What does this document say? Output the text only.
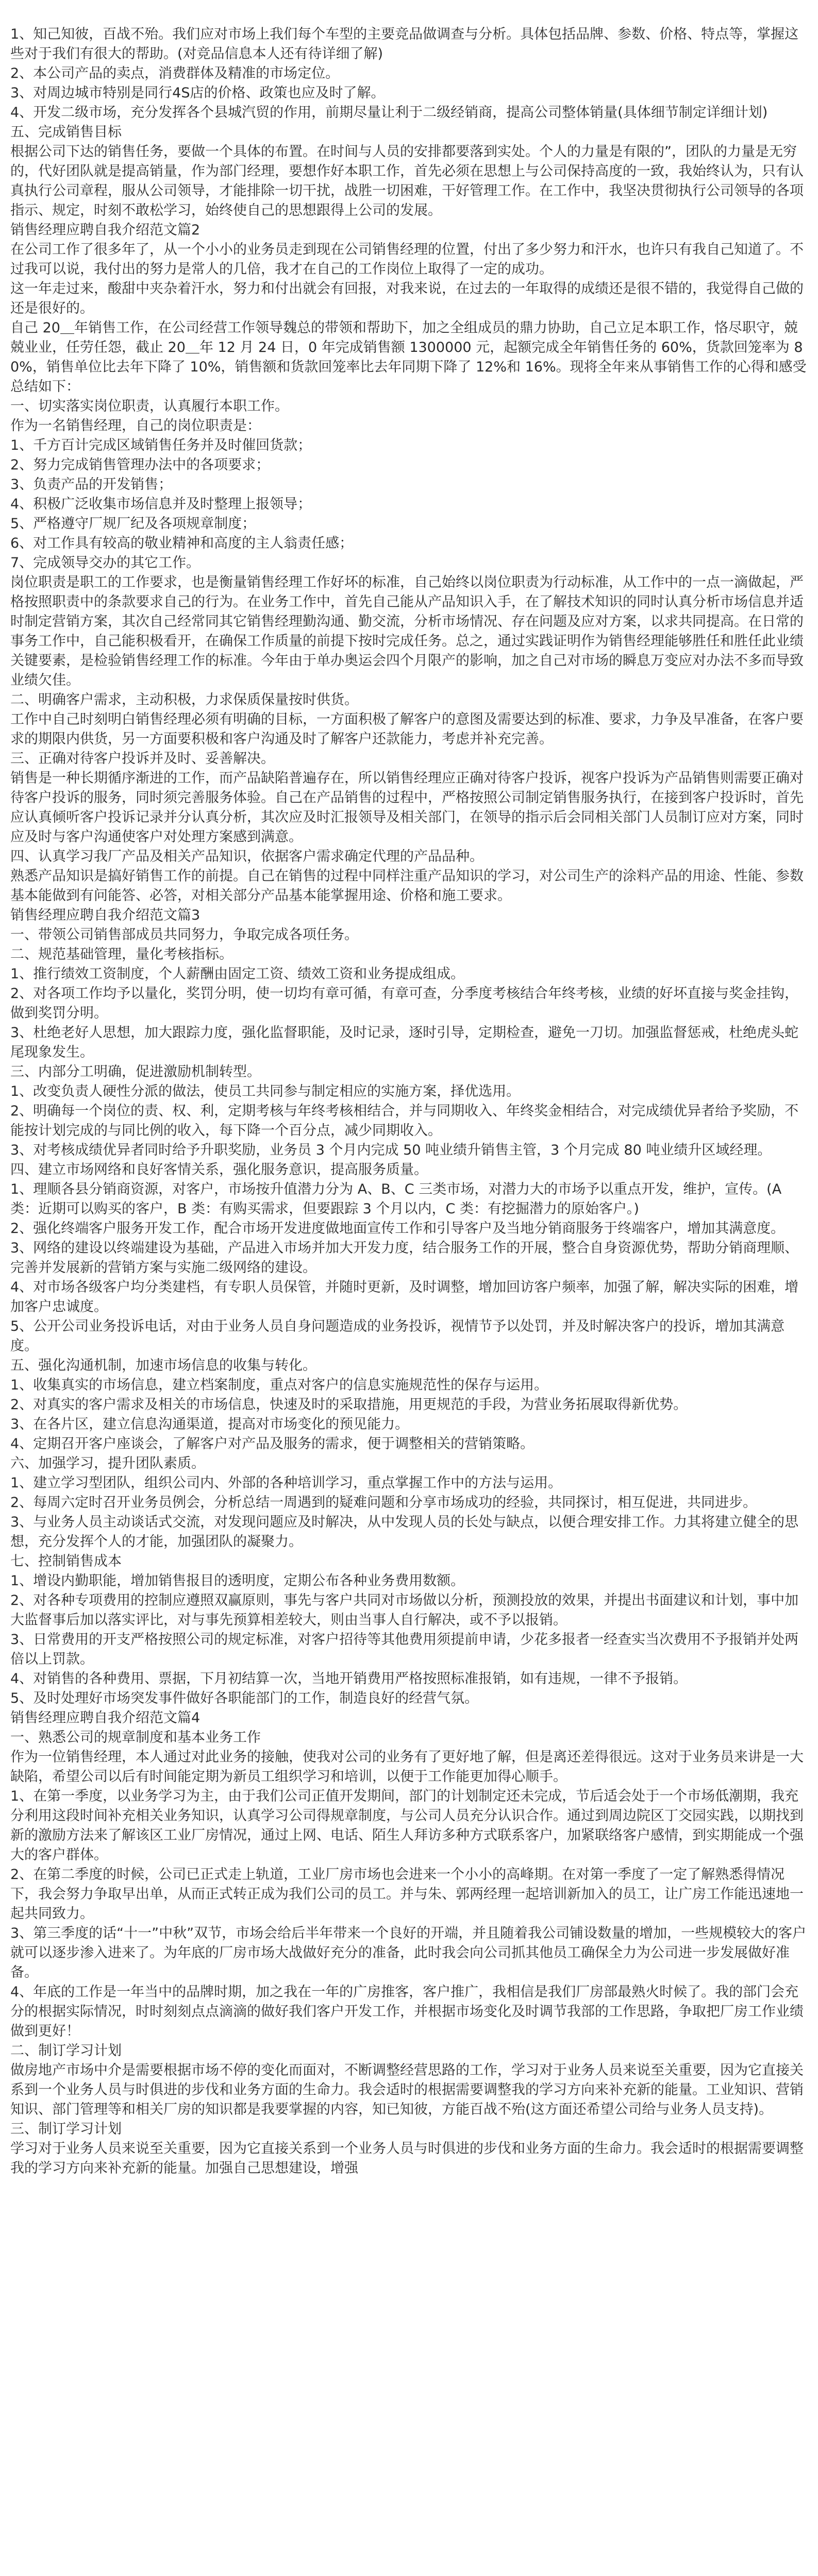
1、知己知彼，百战不殆。我们应对市场上我们每个车型的主要竞品做调查与分析。具体包括品牌、参数、价格、特点等，掌握这些对于我们有很大的帮助。(对竞品信息本人还有待详细了解)

2、本公司产品的卖点，消费群体及精准的市场定位。

3、对周边城市特别是同行4S店的价格、政策也应及时了解。

4、开发二级市场，充分发挥各个县城汽贸的作用，前期尽量让利于二级经销商，提高公司整体销量(具体细节制定详细计划)

五、完成销售目标

根据公司下达的销售任务，要做一个具体的布置。在时间与人员的安排都要落到实处。个人的力量是有限的”，团队的力量是无穷的，代好团队就是提高销量，作为部门经理，要想作好本职工作，首先必须在思想上与公司保持高度的一致，我始终认为，只有认真执行公司章程，服从公司领导，才能排除一切干扰，战胜一切困难，干好管理工作。在工作中，我坚决贯彻执行公司领导的各项指示、规定，时刻不敢松学习，始终使自己的思想跟得上公司的发展。

销售经理应聘自我介绍范文篇2

在公司工作了很多年了，从一个小小的业务员走到现在公司销售经理的位置，付出了多少努力和汗水，也许只有我自己知道了。不过我可以说，我付出的努力是常人的几倍，我才在自己的工作岗位上取得了一定的成功。

这一年走过来，酸甜中夹杂着汗水，努力和付出就会有回报，对我来说，在过去的一年取得的成绩还是很不错的，我觉得自己做的还是很好的。

自己 20＿年销售工作，在公司经营工作领导魏总的带领和帮助下，加之全组成员的鼎力协助，自己立足本职工作，恪尽职守，兢兢业业，任劳任怨，截止 20＿年 12 月 24 日，0 年完成销售额 1300000 元，起额完成全年销售任务的 60%，货款回笼率为 80%，销售单位比去年下降了 10%，销售额和货款回笼率比去年同期下降了 12%和 16%。现将全年来从事销售工作的心得和感受总结如下：

一、切实落实岗位职责，认真履行本职工作。

作为一名销售经理，自己的岗位职责是：

1、千方百计完成区域销售任务并及时催回货款；

2、努力完成销售管理办法中的各项要求；

3、负责产品的开发销售；

4、积极广泛收集市场信息并及时整理上报领导；

5、严格遵守厂规厂纪及各项规章制度；

6、对工作具有较高的敬业精神和高度的主人翁责任感；

7、完成领导交办的其它工作。

岗位职责是职工的工作要求，也是衡量销售经理工作好坏的标准，自己始终以岗位职责为行动标准，从工作中的一点一滴做起，严格按照职责中的条款要求自己的行为。在业务工作中，首先自己能从产品知识入手，在了解技术知识的同时认真分析市场信息并适时制定营销方案，其次自己经常同其它销售经理勤沟通、勤交流，分析市场情况、存在问题及应对方案，以求共同提高。在日常的事务工作中，自己能积极看开，在确保工作质量的前提下按时完成任务。总之，通过实践证明作为销售经理能够胜任和胜任此业绩关键要素，是检验销售经理工作的标准。今年由于单办奥运会四个月限产的影响，加之自己对市场的瞬息万变应对办法不多而导致业绩欠佳。

二、明确客户需求，主动积极，力求保质保量按时供货。

工作中自己时刻明白销售经理必须有明确的目标，一方面积极了解客户的意图及需要达到的标准、要求，力争及早准备，在客户要求的期限内供货，另一方面要积极和客户沟通及时了解客户还款能力，考虑并补充完善。

三、正确对待客户投诉并及时、妥善解决。

销售是一种长期循序渐进的工作，而产品缺陷普遍存在，所以销售经理应正确对待客户投诉，视客户投诉为产品销售则需要正确对待客户投诉的服务，同时须完善服务体验。自己在产品销售的过程中，严格按照公司制定销售服务执行，在接到客户投诉时，首先应认真倾听客户投诉记录并分认真分析，其次应及时汇报领导及相关部门，在领导的指示后会同相关部门人员制订应对方案，同时应及时与客户沟通使客户对处理方案感到满意。

四、认真学习我厂产品及相关产品知识，依据客户需求确定代理的产品品种。

熟悉产品知识是搞好销售工作的前提。自己在销售的过程中同样注重产品知识的学习，对公司生产的涂料产品的用途、性能、参数基本能做到有问能答、必答，对相关部分产品基本能掌握用途、价格和施工要求。

销售经理应聘自我介绍范文篇3

一、带领公司销售部成员共同努力，争取完成各项任务。

二、规范基础管理，量化考核指标。

1、推行绩效工资制度，个人薪酬由固定工资、绩效工资和业务提成组成。

2、对各项工作均予以量化，奖罚分明，使一切均有章可循，有章可查，分季度考核结合年终考核，业绩的好坏直接与奖金挂钩，做到奖罚分明。

3、杜绝老好人思想，加大跟踪力度，强化监督职能，及时记录，逐时引导，定期检查，避免一刀切。加强监督惩戒，杜绝虎头蛇尾现象发生。

三、内部分工明确，促进激励机制转型。

1、改变负责人硬性分派的做法，使员工共同参与制定相应的实施方案，择优选用。

2、明确每一个岗位的责、权、利，定期考核与年终考核相结合，并与同期收入、年终奖金相结合，对完成绩优异者给予奖励，不能按计划完成的与同比例的收入，每下降一个百分点，减少同期收入。

3、对考核成绩优异者同时给予升职奖励，业务员 3 个月内完成 50 吨业绩升销售主管，3 个月完成 80 吨业绩升区域经理。

四、建立市场网络和良好客情关系，强化服务意识，提高服务质量。

1、理顺各县分销商资源，对客户，市场按升值潜力分为 A、B、C 三类市场，对潜力大的市场予以重点开发，维护，宣传。(A 类：近期可以购买的客户，B 类：有购买需求，但要跟踪 3 个月以内，C 类：有挖掘潜力的原始客户。)

2、强化终端客户服务开发工作，配合市场开发进度做地面宣传工作和引导客户及当地分销商服务于终端客户，增加其满意度。

3、网络的建设以终端建设为基础，产品进入市场并加大开发力度，结合服务工作的开展，整合自身资源优势，帮助分销商理顺、完善并发展新的营销方案与实施二级网络的建设。

4、对市场各级客户均分类建档，有专职人员保管，并随时更新，及时调整，增加回访客户频率，加强了解，解决实际的困难，增加客户忠诚度。

5、公开公司业务投诉电话，对由于业务人员自身问题造成的业务投诉，视情节予以处罚，并及时解决客户的投诉，增加其满意度。

五、强化沟通机制，加速市场信息的收集与转化。

1、收集真实的市场信息，建立档案制度，重点对客户的信息实施规范性的保存与运用。

2、对真实的客户需求及相关的市场信息，快速及时的采取措施，用更规范的手段，为营业务拓展取得新优势。

3、在各片区，建立信息沟通渠道，提高对市场变化的预见能力。

4、定期召开客户座谈会，了解客户对产品及服务的需求，便于调整相关的营销策略。

六、加强学习，提升团队素质。

1、建立学习型团队，组织公司内、外部的各种培训学习，重点掌握工作中的方法与运用。

2、每周六定时召开业务员例会，分析总结一周遇到的疑难问题和分享市场成功的经验，共同探讨，相互促进，共同进步。

3、与业务人员主动谈话式交流，对发现问题应及时解决，从中发现人员的长处与缺点，以便合理安排工作。力其将建立健全的思想，充分发挥个人的才能，加强团队的凝聚力。

七、控制销售成本

1、增设内勤职能，增加销售报目的透明度，定期公布各种业务费用数额。

2、对各种专项费用的控制应遵照双赢原则，事先与客户共同对市场做以分析，预测投放的效果，并提出书面建议和计划，事中加大监督事后加以落实评比，对与事先预算相差较大，则由当事人自行解决，或不予以报销。

3、日常费用的开支严格按照公司的规定标准，对客户招待等其他费用须提前申请，少花多报者一经查实当次费用不予报销并处两倍以上罚款。

4、对销售的各种费用、票据，下月初结算一次，当地开销费用严格按照标准报销，如有违规，一律不予报销。

5、及时处理好市场突发事件做好各职能部门的工作，制造良好的经营气氛。

销售经理应聘自我介绍范文篇4

一、熟悉公司的规章制度和基本业务工作

作为一位销售经理，本人通过对此业务的接触，使我对公司的业务有了更好地了解，但是离还差得很远。这对于业务员来讲是一大缺陷，希望公司以后有时间能定期为新员工组织学习和培训，以便于工作能更加得心顺手。

1、在第一季度，以业务学习为主，由于我们公司正值开发期间，部门的计划制定还未完成，节后适会处于一个市场低潮期，我充分利用这段时间补充相关业务知识，认真学习公司得规章制度，与公司人员充分认识合作。通过到周边院区丁交园实践，以期找到新的激励方法来了解该区工业厂房情况，通过上网、电话、陌生人拜访多种方式联系客户，加紧联络客户感情，到实期能成一个强大的客户群体。

2、在第二季度的时候，公司已正式走上轨道，工业厂房市场也会进来一个小小的高峰期。在对第一季度了一定了解熟悉得情况下，我会努力争取早出单，从而正式转正成为我们公司的员工。并与朱、郭两经理一起培训新加入的员工，让广房工作能迅速地一起共同致力。

3、第三季度的话“十一”中秋”双节，市场会给后半年带来一个良好的开端，并且随着我公司铺设数量的增加，一些规模较大的客户就可以逐步渗入进来了。为年底的厂房市场大战做好充分的准备，此时我会向公司抓其他员工确保全力为公司进一步发展做好准备。

4、年底的工作是一年当中的品牌时期，加之我在一年的广房推客，客户推广，我相信是我们厂房部最熟火时候了。我的部门会充分的根据实际情况，时时刻刻点点滴滴的做好我们客户开发工作，并根据市场变化及时调节我部的工作思路，争取把厂房工作业绩做到更好！

二、制订学习计划

做房地产市场中介是需要根据市场不停的变化而面对，不断调整经营思路的工作，学习对于业务人员来说至关重要，因为它直接关系到一个业务人员与时俱进的步伐和业务方面的生命力。我会适时的根据需要调整我的学习方向来补充新的能量。工业知识、营销知识、部门管理等和相关厂房的知识都是我要掌握的内容，知已知彼，方能百战不殆(这方面还希望公司给与业务人员支持)。

三、制订学习计划

学习对于业务人员来说至关重要，因为它直接关系到一个业务人员与时俱进的步伐和业务方面的生命力。我会适时的根据需要调整我的学习方向来补充新的能量。加强自己思想建设，增强
